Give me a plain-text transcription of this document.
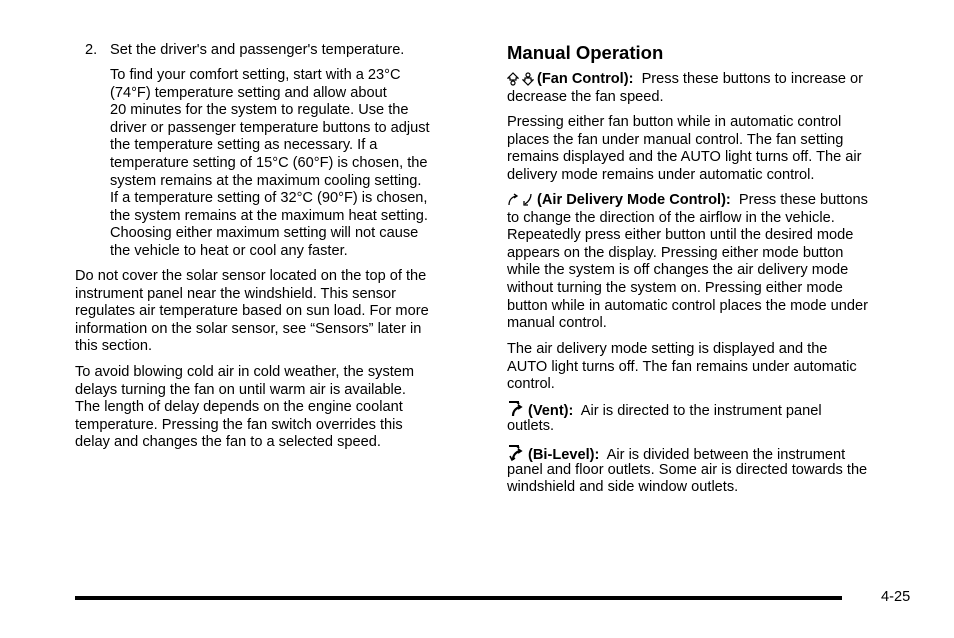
2. Set the driver's and passenger's temperature.
To find your comfort setting, start with a 23°C
(74°F) temperature setting and allow about
20 minutes for the system to regulate. Use the
driver or passenger temperature buttons to adjust
the temperature setting as necessary. If a
temperature setting of 15°C (60°F) is chosen, the
system remains at the maximum cooling setting.
If a temperature setting of 32°C (90°F) is chosen,
the system remains at the maximum heat setting.
Choosing either maximum setting will not cause
the vehicle to heat or cool any faster.
Do not cover the solar sensor located on the top of the
instrument panel near the windshield. This sensor
regulates air temperature based on sun load. For more
information on the solar sensor, see “Sensors” later in
this section.
To avoid blowing cold air in cold weather, the system
delays turning the fan on until warm air is available.
The length of delay depends on the engine coolant
temperature. Pressing the fan switch overrides this
delay and changes the fan to a selected speed.
Manual Operation
(Fan Control): Press these buttons to increase or
decrease the fan speed.
Pressing either fan button while in automatic control
places the fan under manual control. The fan setting
remains displayed and the AUTO light turns off. The air
delivery mode remains under automatic control.
(Air Delivery Mode Control): Press these buttons
to change the direction of the airflow in the vehicle.
Repeatedly press either button until the desired mode
appears on the display. Pressing either mode button
while the system is off changes the air delivery mode
without turning the system on. Pressing either mode
button while in automatic control places the mode under
manual control.
The air delivery mode setting is displayed and the
AUTO light turns off. The fan remains under automatic
control.
(Vent): Air is directed to the instrument panel
outlets.
(Bi-Level): Air is divided between the instrument
panel and floor outlets. Some air is directed towards the
windshield and side window outlets.
4-25
